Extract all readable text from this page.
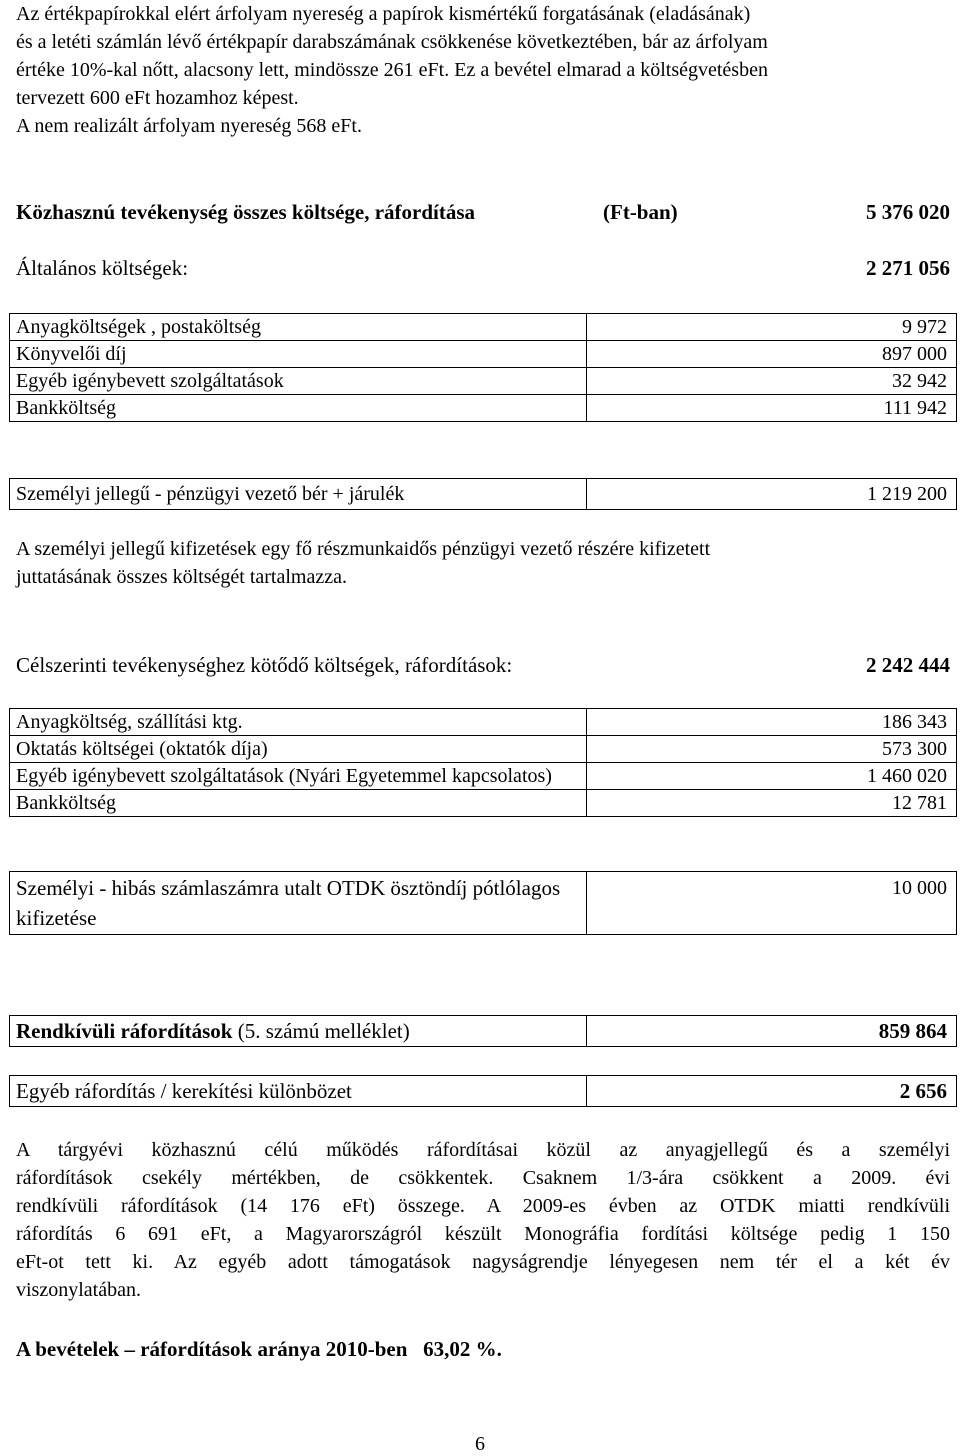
Az értékpapírokkal elért árfolyam nyereség a papírok kismértékű forgatásának (eladásának)
és a letéti számlán lévő értékpapír darabszámának csökkenése következtében, bár az árfolyam
értéke 10%-kal nőtt, alacsony lett, mindössze 261 eFt. Ez a bevétel elmarad a költségvetésben
tervezett 600 eFt hozamhoz képest.
A nem realizált árfolyam nyereség 568 eFt.

Közhasznú tevékenység összes költsége, ráfordítása	(Ft-ban)	5 376 020
Általános költségek:	2 271 056
Anyagköltségek , postaköltség	9 972
Könyvelői díj	897 000
Egyéb igénybevett szolgáltatások	32 942
Bankköltség	111 942
Személyi jellegű - pénzügyi vezető bér + járulék	1 219 200

A személyi jellegű kifizetések egy fő részmunkaidős pénzügyi vezető részére kifizetett
juttatásának összes költségét tartalmazza.

Célszerinti tevékenységhez kötődő költségek, ráfordítások:	2 242 444
Anyagköltség, szállítási ktg.	186 343
Oktatás költségei (oktatók díja)	573 300
Egyéb igénybevett szolgáltatások (Nyári Egyetemmel kapcsolatos)	1 460 020
Bankköltség	12 781
Személyi - hibás számlaszámra utalt OTDK ösztöndíj pótlólagos kifizetése	10 000
Rendkívüli ráfordítások (5. számú melléklet)	859 864
Egyéb ráfordítás / kerekítési különbözet	2 656

A tárgyévi közhasznú célú működés ráfordításai közül az anyagjellegű és a személyi
ráfordítások csekély mértékben, de csökkentek. Csaknem 1/3-ára csökkent a 2009. évi
rendkívüli ráfordítások (14 176 eFt) összege. A 2009-es évben az OTDK miatti rendkívüli
ráfordítás 6 691 eFt, a Magyarországról készült Monográfia fordítási költsége pedig 1 150
eFt-ot tett ki. Az egyéb adott támogatások nagyságrendje lényegesen nem tér el a két év
viszonylatában.

A bevételek – ráfordítások aránya 2010-ben 63,02 %.
6
